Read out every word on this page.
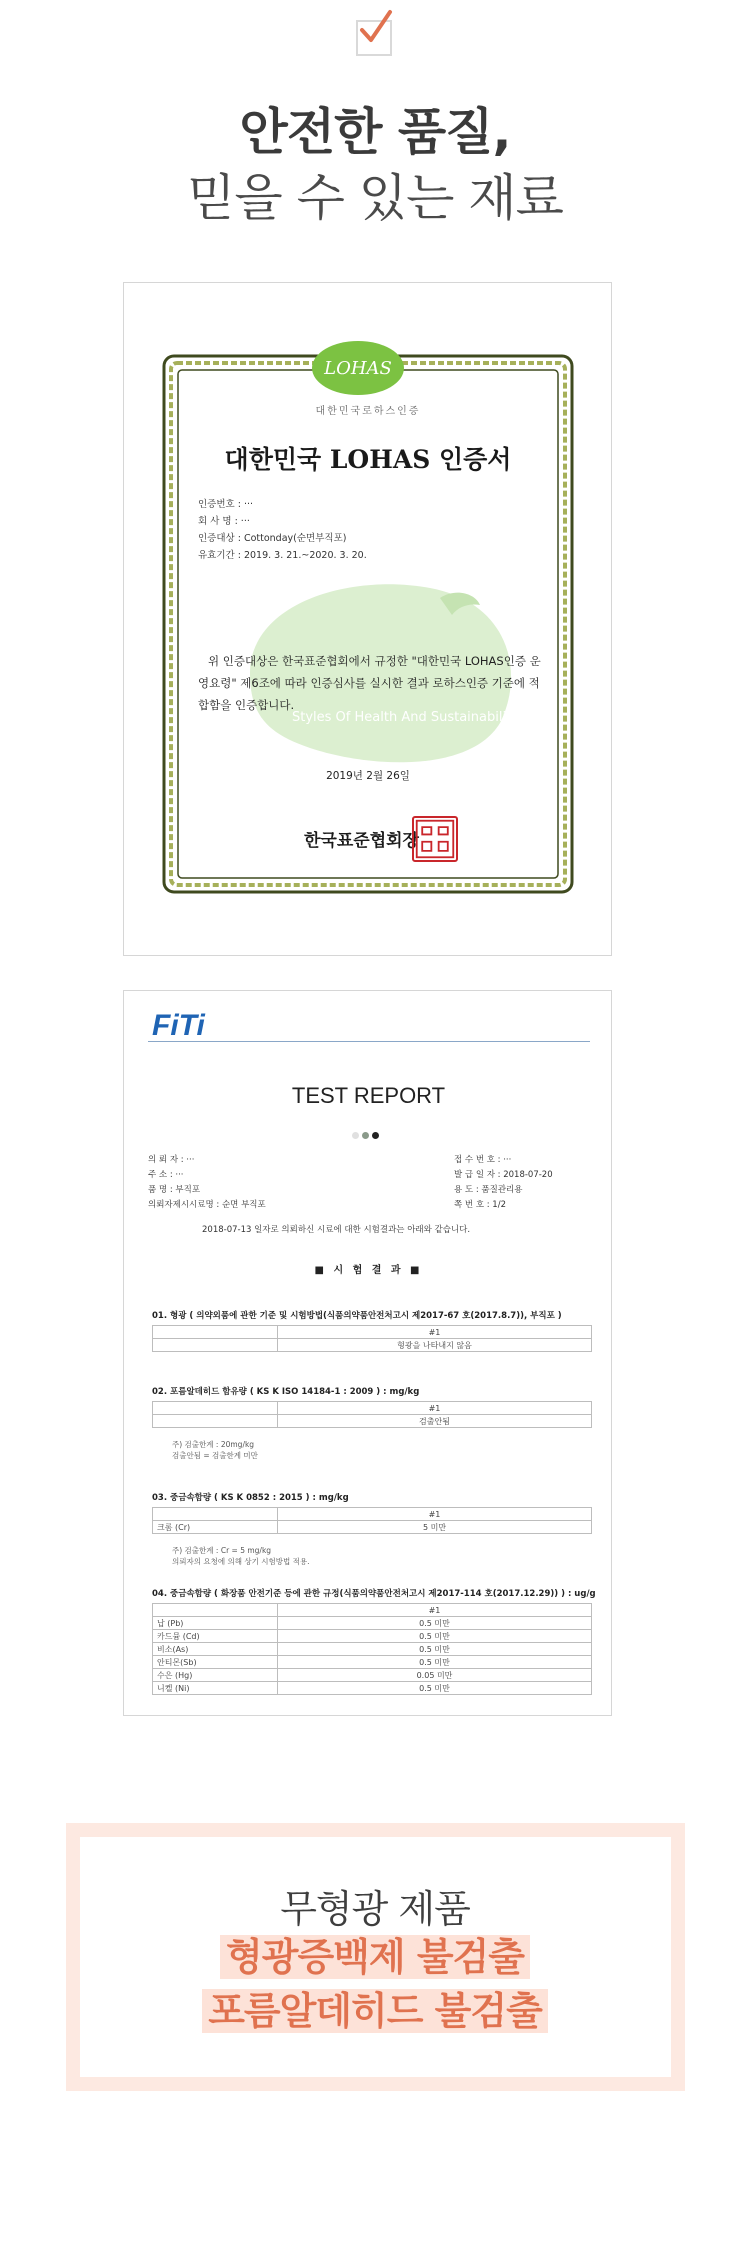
안전한 품질,
믿을 수 있는 재료
LOHAS
대한민국로하스인증
대한민국 LOHAS 인증서
인증번호 : ···
회 사 명 : ···
인증대상 : Cottonday(순면부직포)
유효기간 : 2019. 3. 21.~2020. 3. 20.
위 인증대상은 한국표준협회에서 규정한 "대한민국 LOHAS인증 운영요령" 제6조에 따라 인증심사를 실시한 결과 로하스인증 기준에 적합함을 인증합니다.
Styles Of Health And Sustainability
2019년 2월 26일
한국표준협회장
FiTi
TEST REPORT
의 뢰 자 : ···
주 소 : ···
품 명 : 부직포
의뢰자제시시료명 : 순면 부직포
접 수 번 호 : ···
발 급 일 자 : 2018-07-20
용 도 : 품질관리용
쪽 번 호 : 1/2
2018-07-13 일자로 의뢰하신 시료에 대한 시험결과는 아래와 같습니다.
■ 시 험 결 과 ■
01. 형광 ( 의약외품에 관한 기준 및 시험방법(식품의약품안전처고시 제2017-67 호(2017.8.7)), 부직포 )
	#1
	형광을 나타내지 않음
02. 포름알데히드 함유량 ( KS K ISO 14184-1 : 2009 ) : mg/kg
	#1
	검출안됨
주) 검출한계 : 20mg/kg
검출안됨 = 검출한계 미만
03. 중금속함량 ( KS K 0852 : 2015 ) : mg/kg
	#1
크롬 (Cr)	5 미만
주) 검출한계 : Cr = 5 mg/kg
의뢰자의 요청에 의해 상기 시험방법 적용.
04. 중금속함량 ( 화장품 안전기준 등에 관한 규정(식품의약품안전처고시 제2017-114 호(2017.12.29)) ) : ug/g
	#1
납 (Pb)	0.5 미만
카드뮴 (Cd)	0.5 미만
비소(As)	0.5 미만
안티몬(Sb)	0.5 미만
수은 (Hg)	0.05 미만
니켈 (Ni)	0.5 미만
무형광 제품
형광증백제 불검출
포름알데히드 불검출
